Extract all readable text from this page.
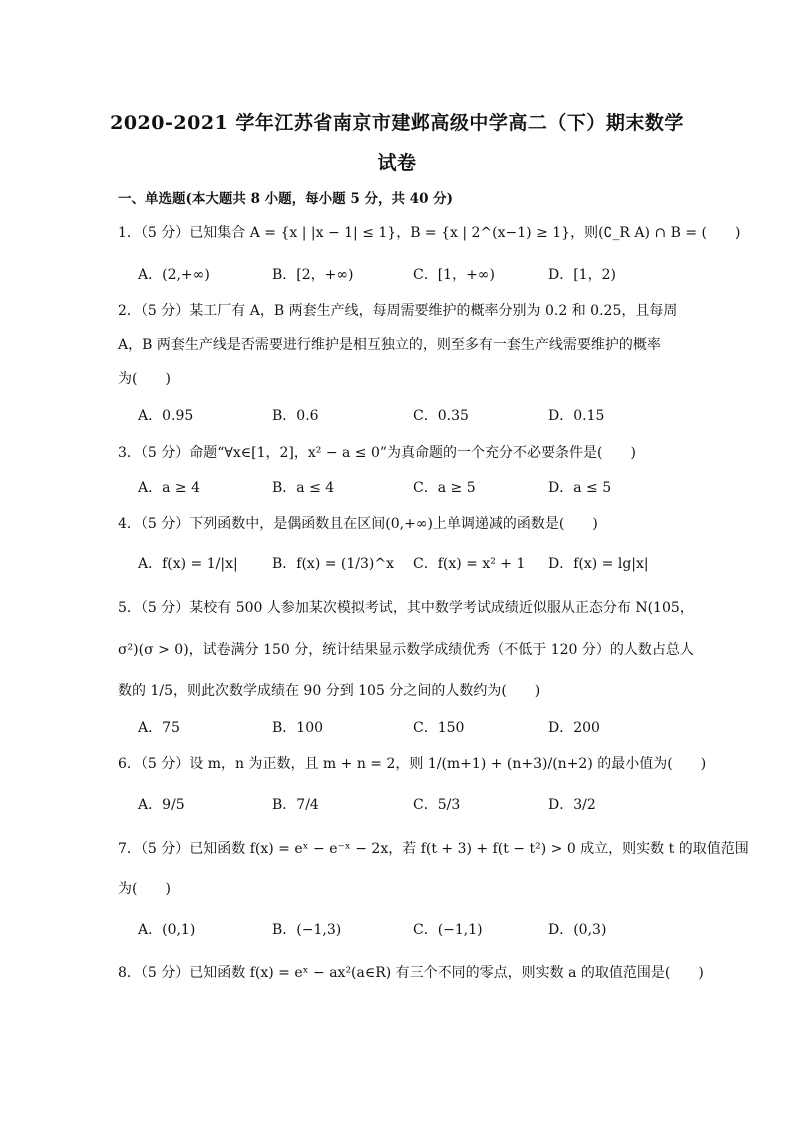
2020-2021 学年江苏省南京市建邺高级中学高二（下）期末数学
试卷
一、单选题(本大题共 8 小题，每小题 5 分，共 40 分)
1．（5 分）已知集合 A = {x | |x − 1| ≤ 1}，B = {x | 2^(x−1) ≥ 1}，则(∁_R A) ∩ B = (　　)
A．(2,+∞)	B．[2，+∞)	C．[1，+∞)	D．[1，2)
2．（5 分）某工厂有 A，B 两套生产线，每周需要维护的概率分别为 0.2 和 0.25，且每周
A，B 两套生产线是否需要进行维护是相互独立的，则至多有一套生产线需要维护的概率
为(　　)
A．0.95	B．0.6	C．0.35	D．0.15
3．（5 分）命题“∀x∈[1，2]，x² − a ≤ 0”为真命题的一个充分不必要条件是(　　)
A．a ≥ 4	B．a ≤ 4	C．a ≥ 5	D．a ≤ 5
4．（5 分）下列函数中，是偶函数且在区间(0,+∞)上单调递减的函数是(　　)
A．f(x) = 1/|x| B．f(x) = (1/3)^x C．f(x) = x² + 1 D．f(x) = lg|x|
5．（5 分）某校有 500 人参加某次模拟考试，其中数学考试成绩近似服从正态分布 N(105，
σ²)(σ > 0)，试卷满分 150 分，统计结果显示数学成绩优秀（不低于 120 分）的人数占总人
数的 1/5，则此次数学成绩在 90 分到 105 分之间的人数约为(　　)
A．75	B．100	C．150	D．200
6．（5 分）设 m，n 为正数，且 m + n = 2，则 1/(m+1) + (n+3)/(n+2) 的最小值为(　　)
A．9/5	B．7/4	C．5/3	D．3/2
7．（5 分）已知函数 f(x) = eˣ − e⁻ˣ − 2x，若 f(t + 3) + f(t − t²) > 0 成立，则实数 t 的取值范围
为(　　)
A．(0,1)	B．(−1,3)	C．(−1,1)	D．(0,3)
8．（5 分）已知函数 f(x) = eˣ − ax²(a∈R) 有三个不同的零点，则实数 a 的取值范围是(　　)
